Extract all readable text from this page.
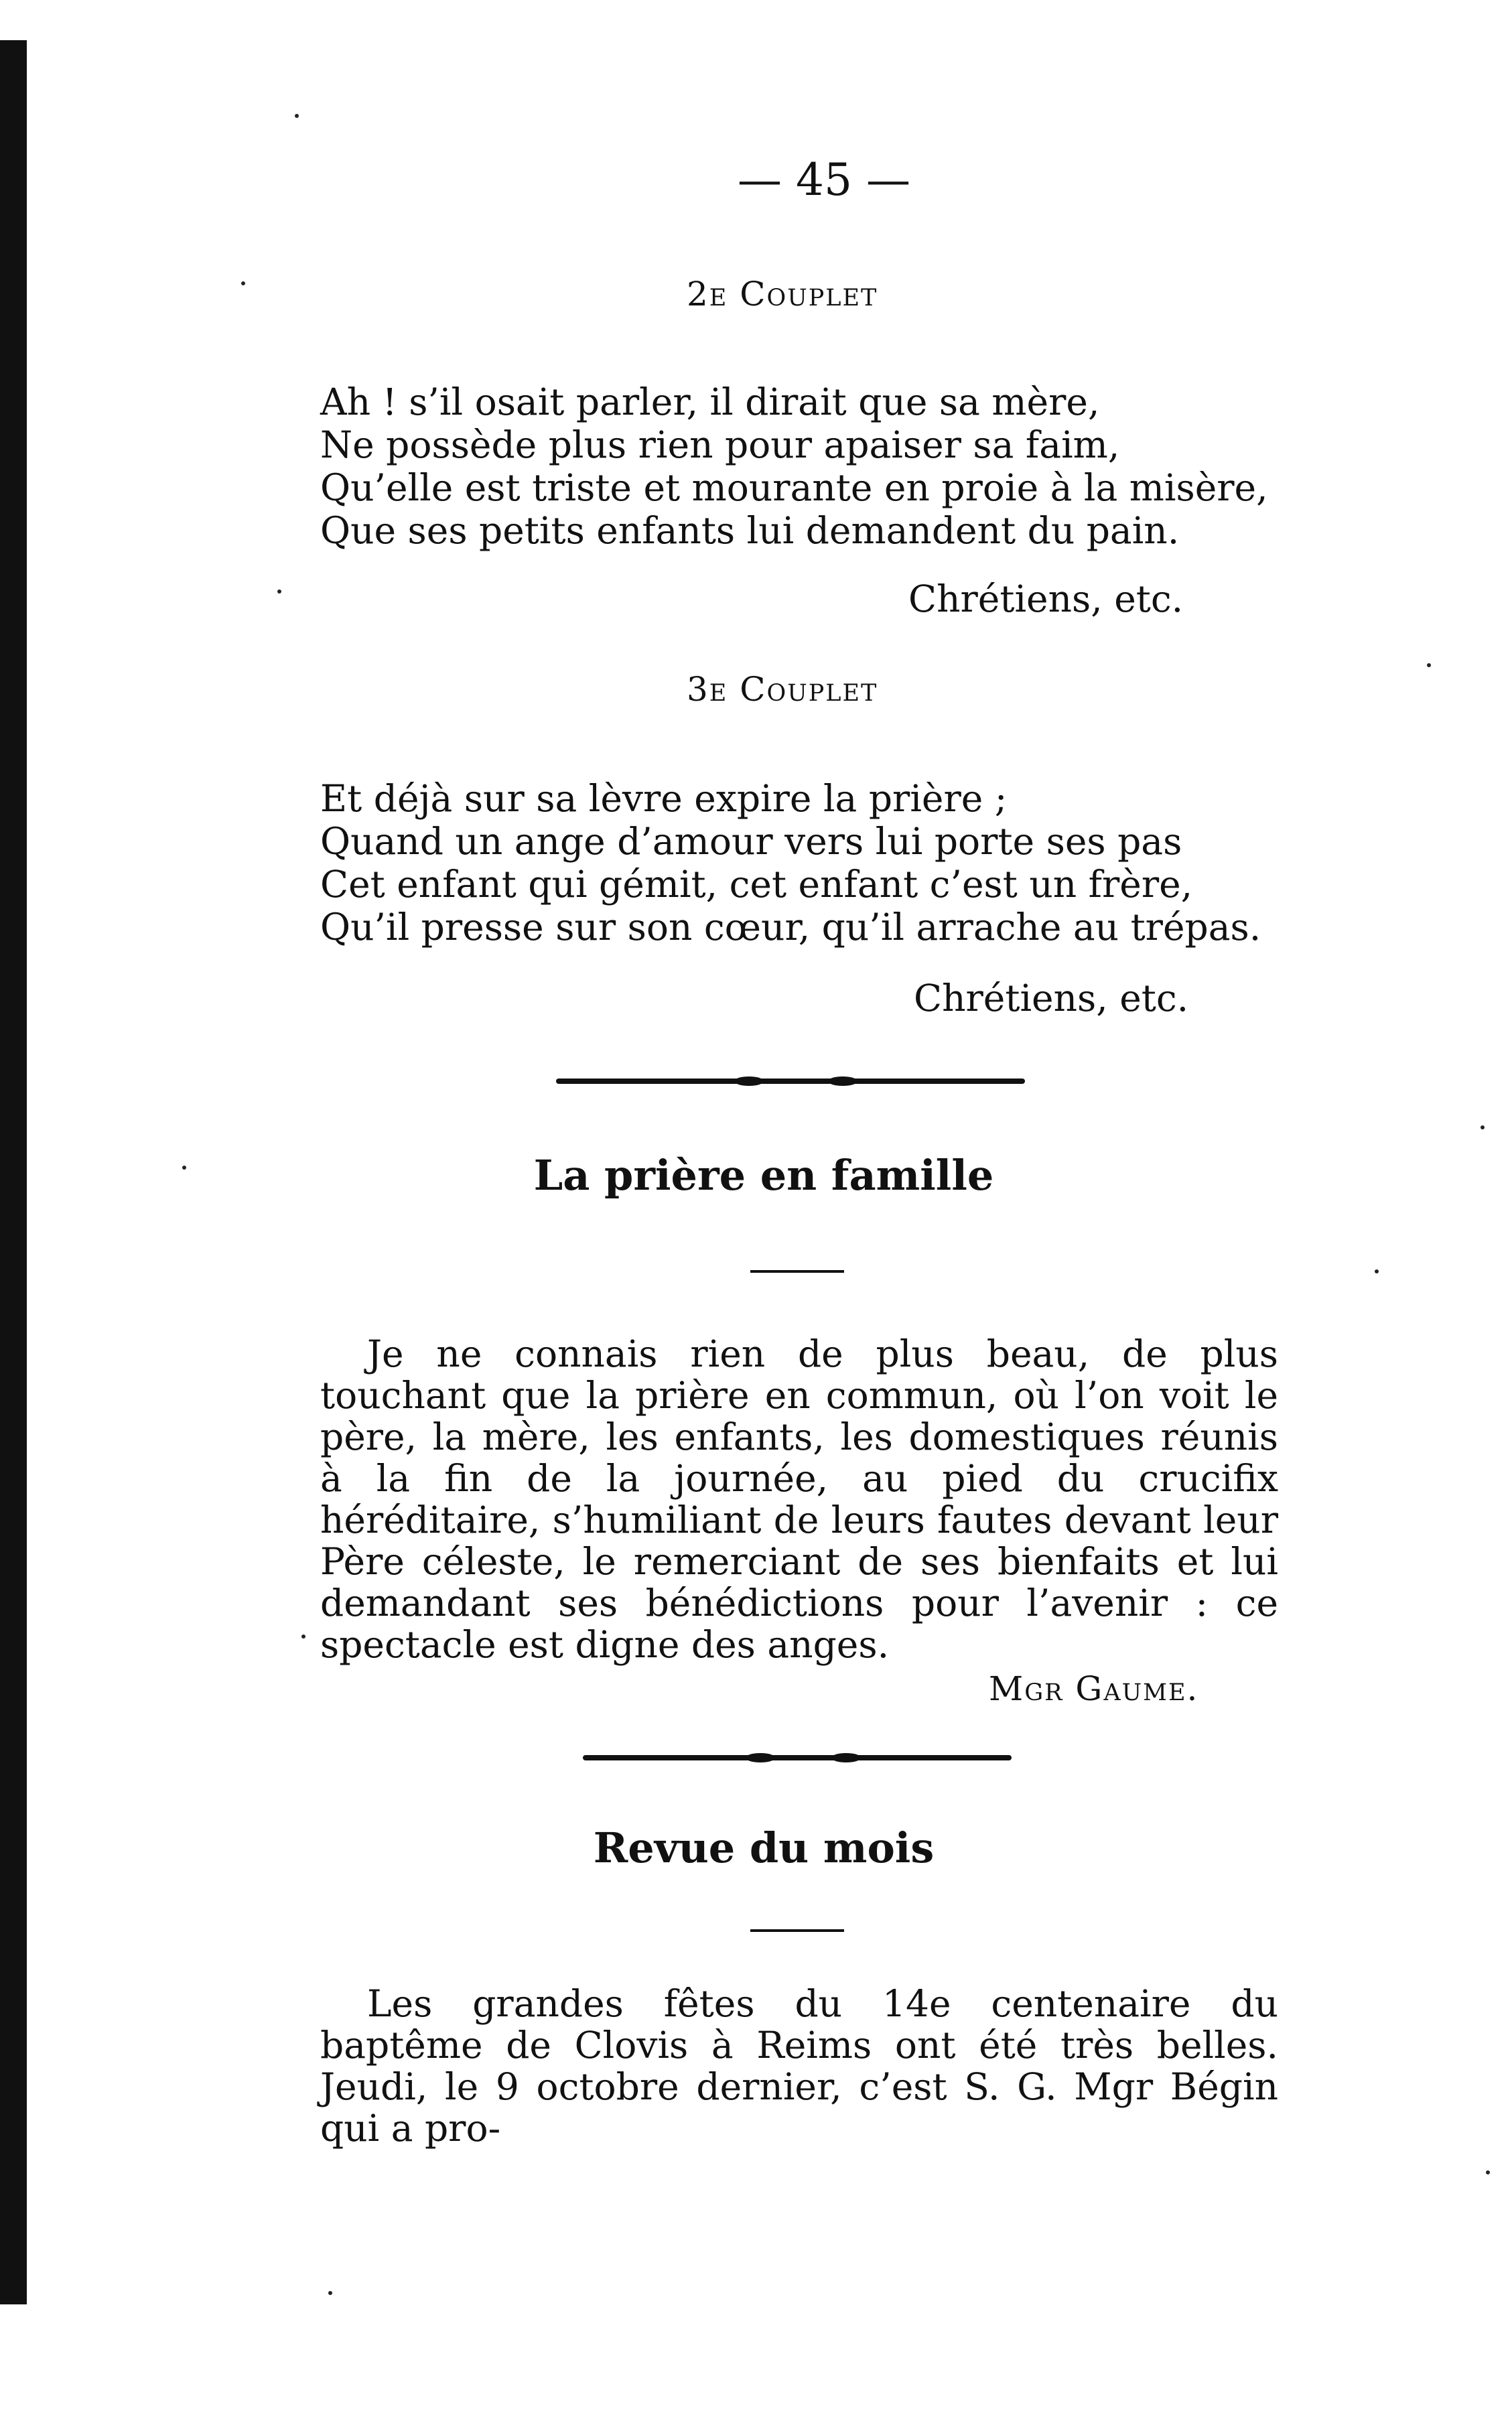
— 45 —
2e Couplet
Ah ! s’il osait parler, il dirait que sa mère,
Ne possède plus rien pour apaiser sa faim,
Qu’elle est triste et mourante en proie à la misère,
Que ses petits enfants lui demandent du pain.
Chrétiens, etc.
3e Couplet
Et déjà sur sa lèvre expire la prière ;
Quand un ange d’amour vers lui porte ses pas
Cet enfant qui gémit, cet enfant c’est un frère,
Qu’il presse sur son cœur, qu’il arrache au trépas.
Chrétiens, etc.
La prière en famille
Je ne connais rien de plus beau, de plus touchant que la prière en commun, où l’on voit le père, la mère, les enfants, les domestiques réunis à la fin de la journée, au pied du crucifix héréditaire, s’humiliant de leurs fautes devant leur Père céleste, le remerciant de ses bienfaits et lui demandant ses bénédictions pour l’avenir : ce spectacle est digne des anges.
Mgr Gaume.
Revue du mois
Les grandes fêtes du 14e centenaire du baptême de Clovis à Reims ont été très belles. Jeudi, le 9 octobre dernier, c’est S. G. Mgr Bégin qui a pro-
